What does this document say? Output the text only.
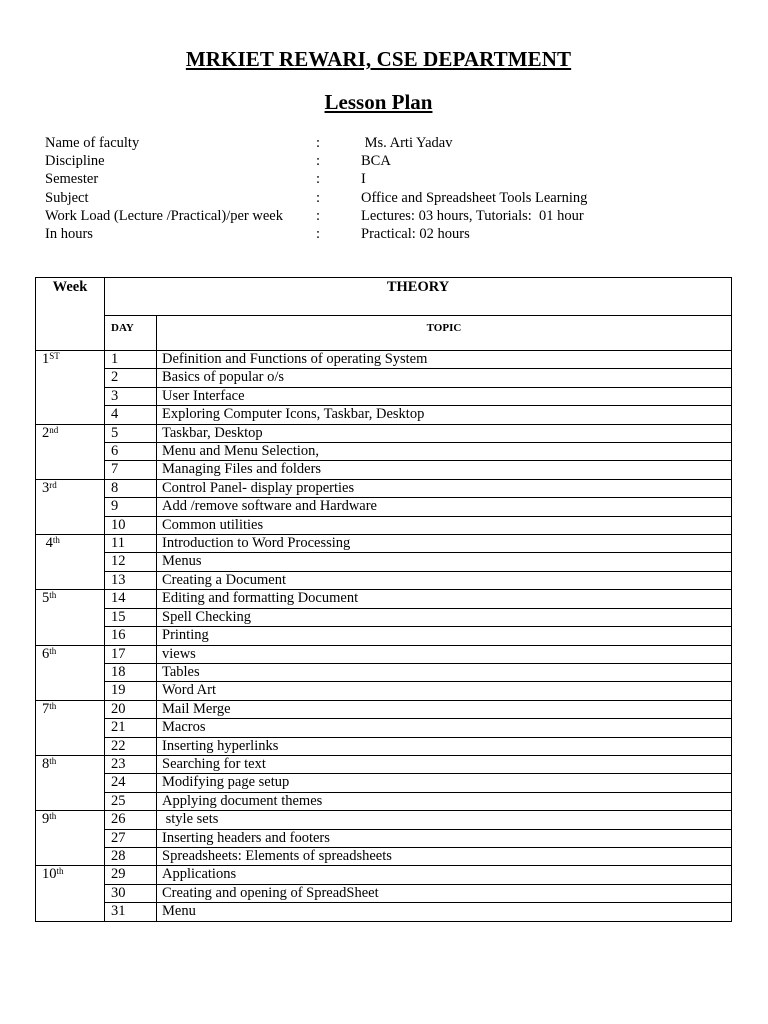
MRKIET REWARI, CSE DEPARTMENT
Lesson Plan
Name of faculty	:	Ms. Arti Yadav
Discipline	:	BCA
Semester	:	I
Subject	:	Office and Spreadsheet Tools Learning
Work Load (Lecture /Practical)/per week :	Lectures: 03 hours, Tutorials:  01 hour
In hours	:	Practical: 02 hours
Week	THEORY	
	DAY	TOPIC
1ST	1	Definition and Functions of operating System
	2	Basics of popular o/s
	3	User Interface
	4	Exploring Computer Icons, Taskbar, Desktop
2nd	5	Taskbar, Desktop
	6	Menu and Menu Selection,
	7	Managing Files and folders
3rd	8	Control Panel- display properties
	9	Add /remove software and Hardware
	10	Common utilities
4th	11	Introduction to Word Processing
	12	Menus
	13	Creating a Document
5th	14	Editing and formatting Document
	15	Spell Checking
	16	Printing
6th	17	views
	18	Tables
	19	Word Art
7th	20	Mail Merge
	21	Macros
	22	Inserting hyperlinks
8th	23	Searching for text
	24	Modifying page setup
	25	Applying document themes
9th	26	style sets
	27	Inserting headers and footers
	28	Spreadsheets: Elements of spreadsheets
10th	29	Applications
	30	Creating and opening of SpreadSheet
	31	Menu
